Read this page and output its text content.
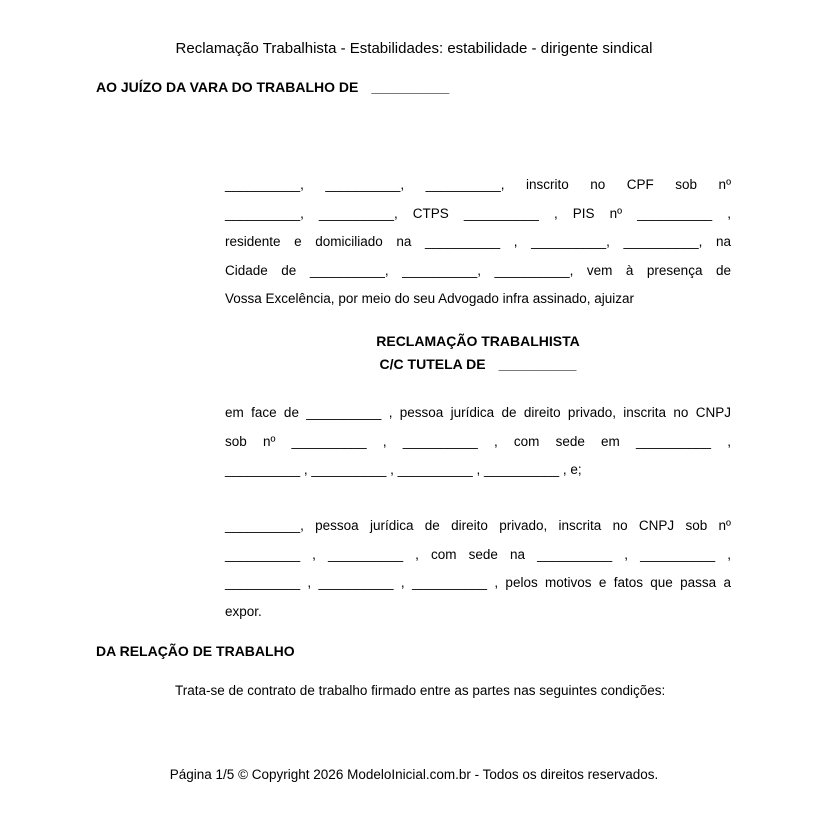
Reclamação Trabalhista - Estabilidades: estabilidade - dirigente sindical
AO JUÍZO DA VARA DO TRABALHO DE __________
__________, __________, __________, inscrito no CPF sob nº
__________, __________, CTPS __________ , PIS nº __________ ,
residente e domiciliado na __________ , __________, __________, na
Cidade de __________, __________, __________, vem à presença de
Vossa Excelência, por meio do seu Advogado infra assinado, ajuizar
RECLAMAÇÃO TRABALHISTA
C/C TUTELA DE __________
em face de __________ , pessoa jurídica de direito privado, inscrita no CNPJ
sob nº __________ , __________ , com sede em __________ ,
__________ , __________ , __________ , __________ , e;
__________, pessoa jurídica de direito privado, inscrita no CNPJ sob nº
__________ , __________ , com sede na __________ , __________ ,
__________ , __________ , __________ , pelos motivos e fatos que passa a
expor.
DA RELAÇÃO DE TRABALHO
Trata-se de contrato de trabalho firmado entre as partes nas seguintes condições:
Página 1/5 © Copyright 2026 ModeloInicial.com.br - Todos os direitos reservados.
